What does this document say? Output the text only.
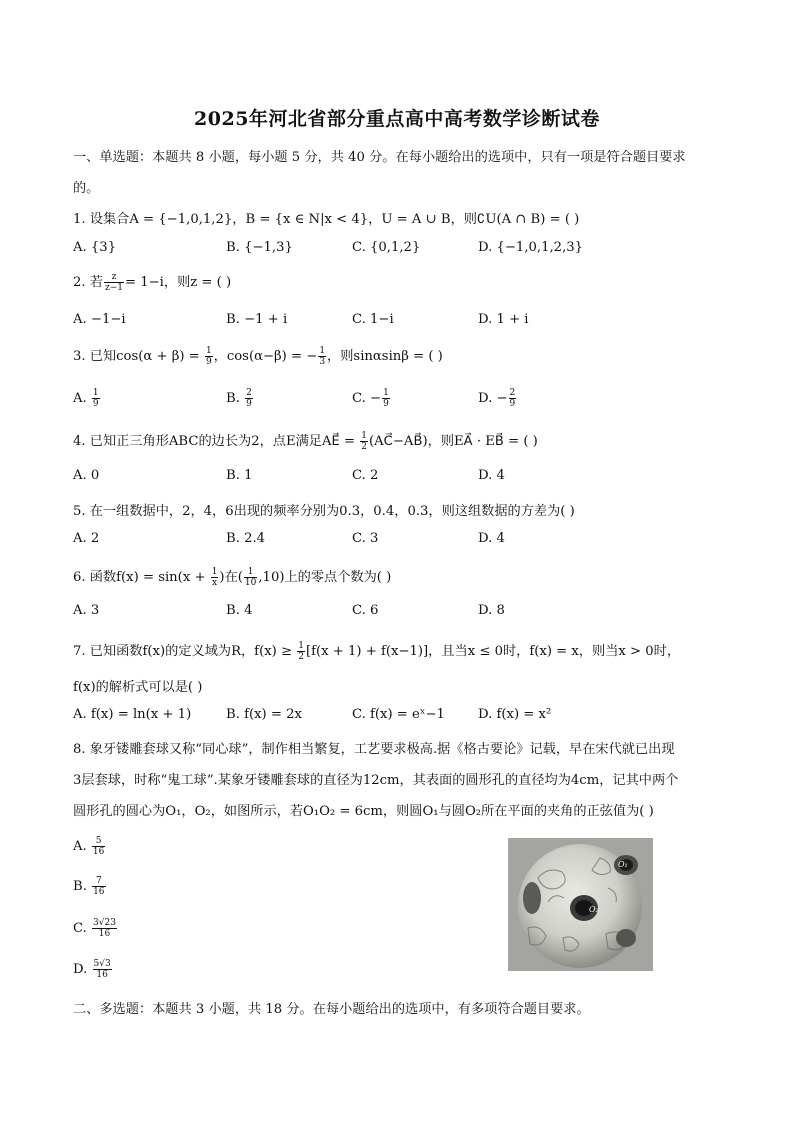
2025年河北省部分重点高中高考数学诊断试卷
一、单选题：本题共 8 小题，每小题 5 分，共 40 分。在每小题给出的选项中，只有一项是符合题目要求
的。
1. 设集合A = {−1,0,1,2}，B = {x ∈ N|x < 4}，U = A ∪ B，则∁U(A ∩ B) = ( )
A. {3}	B. {−1,3}	C. {0,1,2}	D. {−1,0,1,2,3}
2. 若 $\frac{z}{z-1} = 1-i$，则z = ( )
A. −1−i	B. −1 + i	C. 1−i	D. 1 + i
3. 已知$\cos(\alpha + \beta) = \frac{1}{9}$ ，cos(α−β) = − $\frac{1}{3}$ ，则sinαsinβ = ( )
A. $\frac{1}{9}$	B. $\frac{2}{9}$	C. − $\frac{1}{9}$	D. − $\frac{2}{9}$
4. 已知正三角形ABC的边长为2，点E满足AE⃗ = $\frac{1}{2}$ (AC⃗−AB⃗)，则EA⃗ · EB⃗ = ( )
A. 0	B. 1	C. 2	D. 4
5. 在一组数据中，2，4，6出现的频率分别为0.3，0.4，0.3，则这组数据的方差为( )
A. 2	B. 2.4	C. 3	D. 4
6. 函数$f(x) = \sin(x + \frac{1}{x}$ )在( $\frac{1}{10} ,10$)上的零点个数为( )
A. 3	B. 4	C. 6	D. 8
7. 已知函数f(x)的定义域为R，$f(x) \ge \frac{1}{2} [f(x + 1) + f(x-1)]$，且当x ≤ 0时，f(x) = x，则当x > 0时，
f(x)的解析式可以是( )
A. f(x) = ln(x + 1)	B. f(x) = 2x	C. f(x) = eˣ−1	D. f(x) = x²
8. 象牙镂雕套球又称“同心球”，制作相当繁复，工艺要求极高.据《格古要论》记载，早在宋代就已出现
3层套球，时称“鬼工球”.某象牙镂雕套球的直径为12cm，其表面的圆形孔的直径均为4cm，记其中两个
圆形孔的圆心为O₁，O₂，如图所示，若O₁O₂ = 6cm，则圆O₁与圆O₂所在平面的夹角的正弦值为( )
A. $\frac{5}{16}$
B. $\frac{7}{16}$
C. $\frac{3√23}{16}$
D. $\frac{5√3}{16}$
O₁
O₂
二、多选题：本题共 3 小题，共 18 分。在每小题给出的选项中，有多项符合题目要求。
